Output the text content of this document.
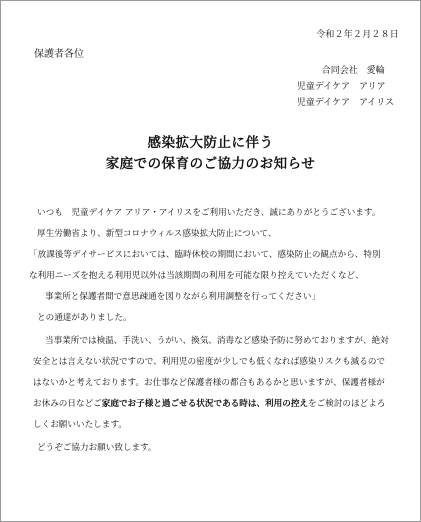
令和２年２月２８日
保護者各位
合同会社　愛輪
児童デイケア　アリア
児童デイケア　アイリス
感染拡大防止に伴う
家庭での保育のご協力のお知らせ

いつも　児童デイケア アリア・アイリスをご利用いただき、誠にありがとうございます。

厚生労働省より、新型コロナウィルス感染拡大防止について、

「放課後等デイサービスにおいては、臨時休校の期間において、感染防止の観点から、特別

な利用ニーズを抱える利用児以外は当該期間の利用を可能な限り控えていただくなど、

事業所と保護者間で意思疎通を図りながら利用調整を行ってください」

との通達がありました。

当事業所では検温、手洗い、うがい、換気、消毒など感染予防に努めておりますが、絶対

安全とは言えない状況ですので、利用児の密度が少しでも低くなれば感染リスクも減るので

はないかと考えております。お仕事など保護者様の都合もあるかと思いますが、保護者様が

お休みの日などご家庭でお子様と過ごせる状況である時は、利用の控えをご検討のほどよろ

しくお願いいたします。

どうぞご協力お願い致します。
